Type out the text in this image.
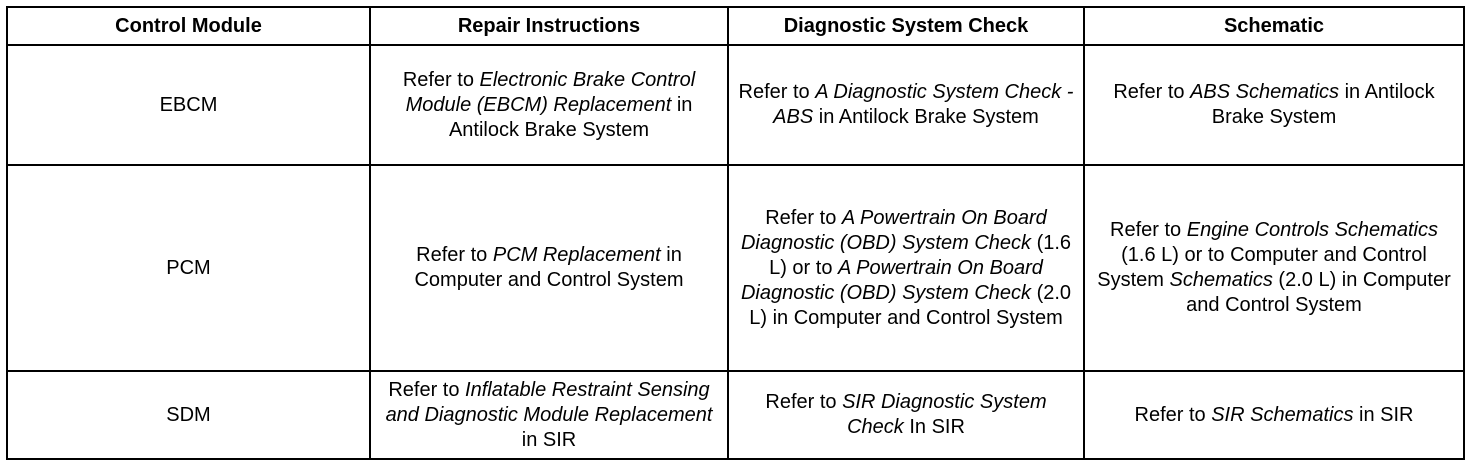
Control Module	Repair Instructions	Diagnostic System Check	Schematic
EBCM	Refer to Electronic Brake Control Module (EBCM) Replacement in Antilock Brake System	Refer to A Diagnostic System Check - ABS in Antilock Brake System	Refer to ABS Schematics in Antilock Brake System
PCM	Refer to PCM Replacement in Computer and Control System	Refer to A Powertrain On Board Diagnostic (OBD) System Check (1.6 L) or to A Powertrain On Board Diagnostic (OBD) System Check (2.0 L) in Computer and Control System	Refer to Engine Controls Schematics (1.6 L) or to Computer and Control System Schematics (2.0 L) in Computer and Control System
SDM	Refer to Inflatable Restraint Sensing and Diagnostic Module Replacement in SIR	Refer to SIR Diagnostic System Check In SIR	Refer to SIR Schematics in SIR
